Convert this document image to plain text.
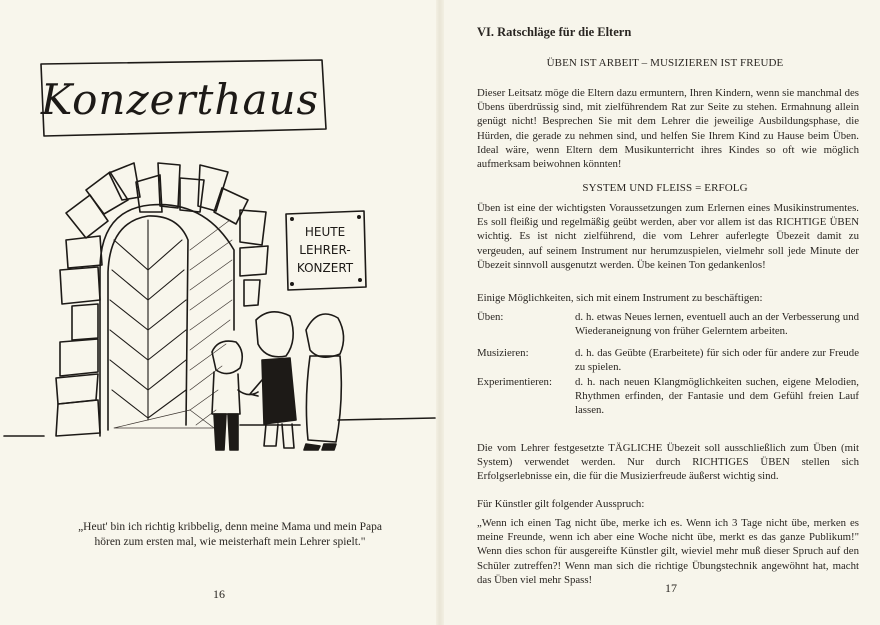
Konzerthaus
HEUTE
LEHRER-
KONZERT
„Heut' bin ich richtig kribbelig, denn meine Mama und mein Papa
hören zum ersten mal, wie meisterhaft mein Lehrer spielt."
16
VI. Ratschläge für die Eltern
ÜBEN IST ARBEIT – MUSIZIEREN IST FREUDE
Dieser Leitsatz möge die Eltern dazu ermuntern, Ihren Kindern, wenn sie manchmal des Übens überdrüssig sind, mit zielführendem Rat zur Seite zu stehen. Ermahnung allein genügt nicht! Besprechen Sie mit dem Lehrer die jeweilige Ausbildungsphase, die Hürden, die gerade zu nehmen sind, und helfen Sie Ihrem Kind zu Hause beim Üben. Ideal wäre, wenn Eltern dem Musikunterricht ihres Kindes so oft wie möglich aufmerksam beiwohnen könnten!
SYSTEM UND FLEISS = ERFOLG
Üben ist eine der wichtigsten Voraussetzungen zum Erlernen eines Musikinstrumentes. Es soll fleißig und regelmäßig geübt werden, aber vor allem ist das RICHTIGE ÜBEN wichtig. Es ist nicht zielführend, die vom Lehrer auferlegte Übezeit damit zu vergeuden, auf seinem Instrument nur herumzuspielen, vielmehr soll jede Minute der Übezeit sinnvoll ausgenutzt werden. Übe keinen Ton gedankenlos!
Einige Möglichkeiten, sich mit einem Instrument zu beschäftigen:
Üben:	d. h. etwas Neues lernen, eventuell auch an der Verbesserung und Wiederaneignung von früher Gelerntem arbeiten.
Musizieren:	d. h. das Geübte (Erarbeitete) für sich oder für andere zur Freude zu spielen.
Experimentieren:	d. h. nach neuen Klangmöglichkeiten suchen, eigene Melodien, Rhythmen erfinden, der Fantasie und dem Gefühl freien Lauf lassen.
Die vom Lehrer festgesetzte TÄGLICHE Übezeit soll ausschließlich zum Üben (mit System) verwendet werden. Nur durch RICHTIGES ÜBEN stellen sich Erfolgserlebnisse ein, die für die Musizierfreude äußerst wichtig sind.
Für Künstler gilt folgender Ausspruch:
„Wenn ich einen Tag nicht übe, merke ich es. Wenn ich 3 Tage nicht übe, merken es meine Freunde, wenn ich aber eine Woche nicht übe, merkt es das ganze Publikum!" Wenn dies schon für ausgereifte Künstler gilt, wieviel mehr muß dieser Spruch auf den Schüler zutreffen?! Wenn man sich die richtige Übungstechnik angewöhnt hat, macht das Üben viel mehr Spass!
17
